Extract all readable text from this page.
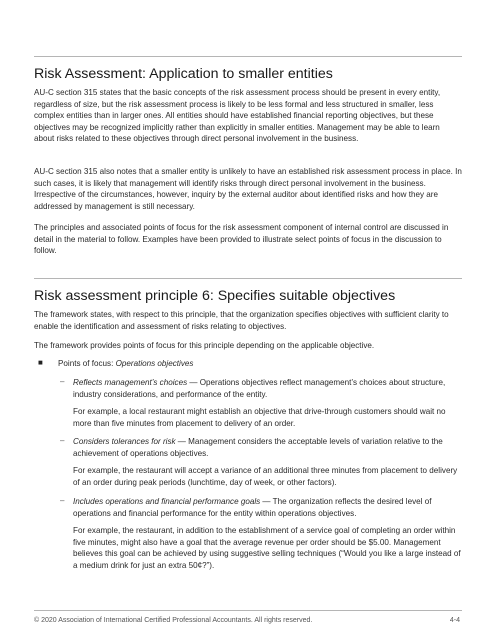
Risk Assessment: Application to smaller entities

AU-C section 315 states that the basic concepts of the risk assessment process should be present in every entity, regardless of size, but the risk assessment process is likely to be less formal and less structured in smaller, less complex entities than in larger ones. All entities should have established financial reporting objectives, but these objectives may be recognized implicitly rather than explicitly in smaller entities. Management may be able to learn about risks related to these objectives through direct personal involvement in the business.

AU-C section 315 also notes that a smaller entity is unlikely to have an established risk assessment process in place. In such cases, it is likely that management will identify risks through direct personal involvement in the business. Irrespective of the circumstances, however, inquiry by the external auditor about identified risks and how they are addressed by management is still necessary.

The principles and associated points of focus for the risk assessment component of internal control are discussed in detail in the material to follow. Examples have been provided to illustrate select points of focus in the discussion to follow.

Risk assessment principle 6: Specifies suitable objectives

The framework states, with respect to this principle, that the organization specifies objectives with sufficient clarity to enable the identification and assessment of risks relating to objectives.

The framework provides points of focus for this principle depending on the applicable objective.

■ Points of focus: Operations objectives

– Reflects management’s choices — Operations objectives reflect management’s choices about structure, industry considerations, and performance of the entity.

For example, a local restaurant might establish an objective that drive-through customers should wait no more than five minutes from placement to delivery of an order.

– Considers tolerances for risk — Management considers the acceptable levels of variation relative to the achievement of operations objectives.

For example, the restaurant will accept a variance of an additional three minutes from placement to delivery of an order during peak periods (lunchtime, day of week, or other factors).

– Includes operations and financial performance goals — The organization reflects the desired level of operations and financial performance for the entity within operations objectives.

For example, the restaurant, in addition to the establishment of a service goal of completing an order within five minutes, might also have a goal that the average revenue per order should be $5.00. Management believes this goal can be achieved by using suggestive selling techniques (“Would you like a large instead of a medium drink for just an extra 50¢?”).

© 2020 Association of International Certified Professional Accountants. All rights reserved.	4-4
